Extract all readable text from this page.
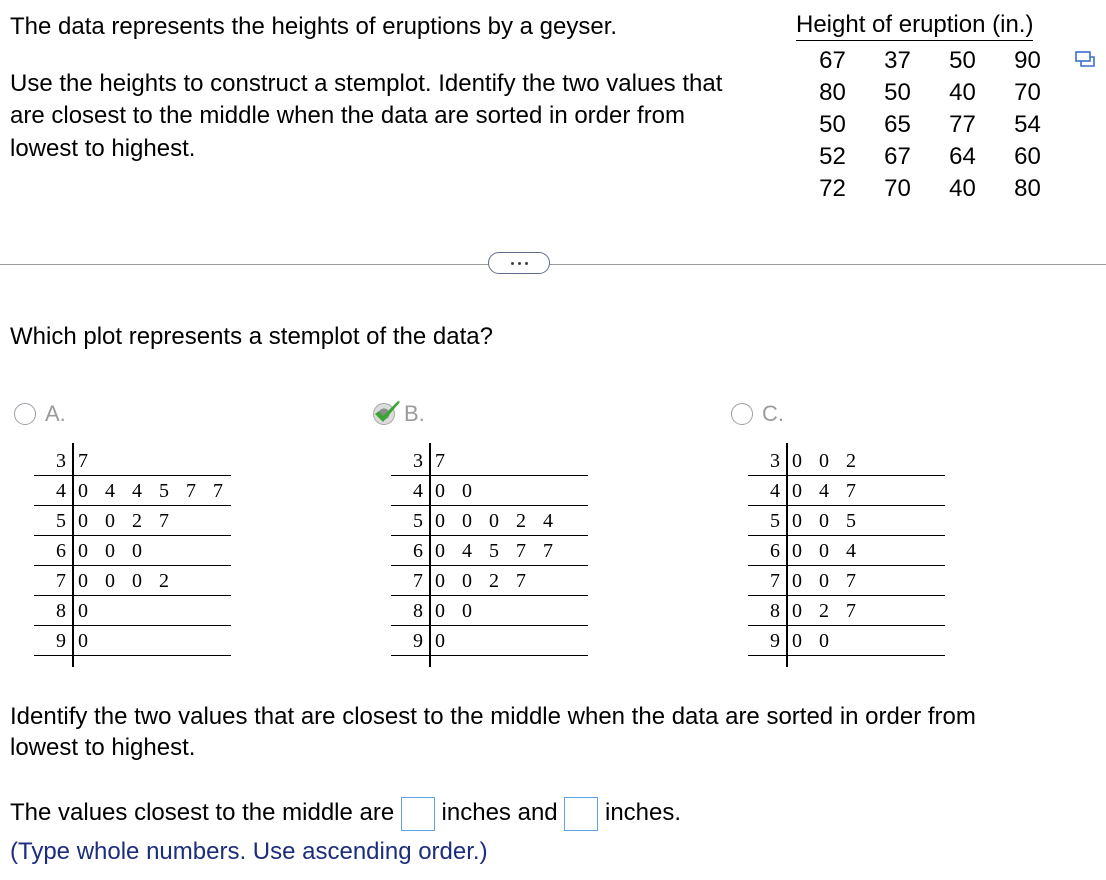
The data represents the heights of eruptions by a geyser.
Use the heights to construct a stemplot. Identify the two values that
are closest to the middle when the data are sorted in order from
lowest to highest.
Height of eruption (in.)
67	37	50	90
80	50	40	70
50	65	77	54
52	67	64	60
72	70	40	80
Which plot represents a stemplot of the data?
A.	B.	C.
3 7
4 0 4 4 5 7 7
5 0 0 2 7
6 0 0 0
7 0 0 0 2
8 0
9 0
3 7
4 0 0
5 0 0 0 2 4
6 0 4 5 7 7
7 0 0 2 7
8 0 0
9 0
3 0 0 2
4 0 4 7
5 0 0 5
6 0 0 4
7 0 0 7
8 0 2 7
9 0 0
Identify the two values that are closest to the middle when the data are sorted in order from
lowest to highest.
The values closest to the middle are inches and inches.
(Type whole numbers. Use ascending order.)
